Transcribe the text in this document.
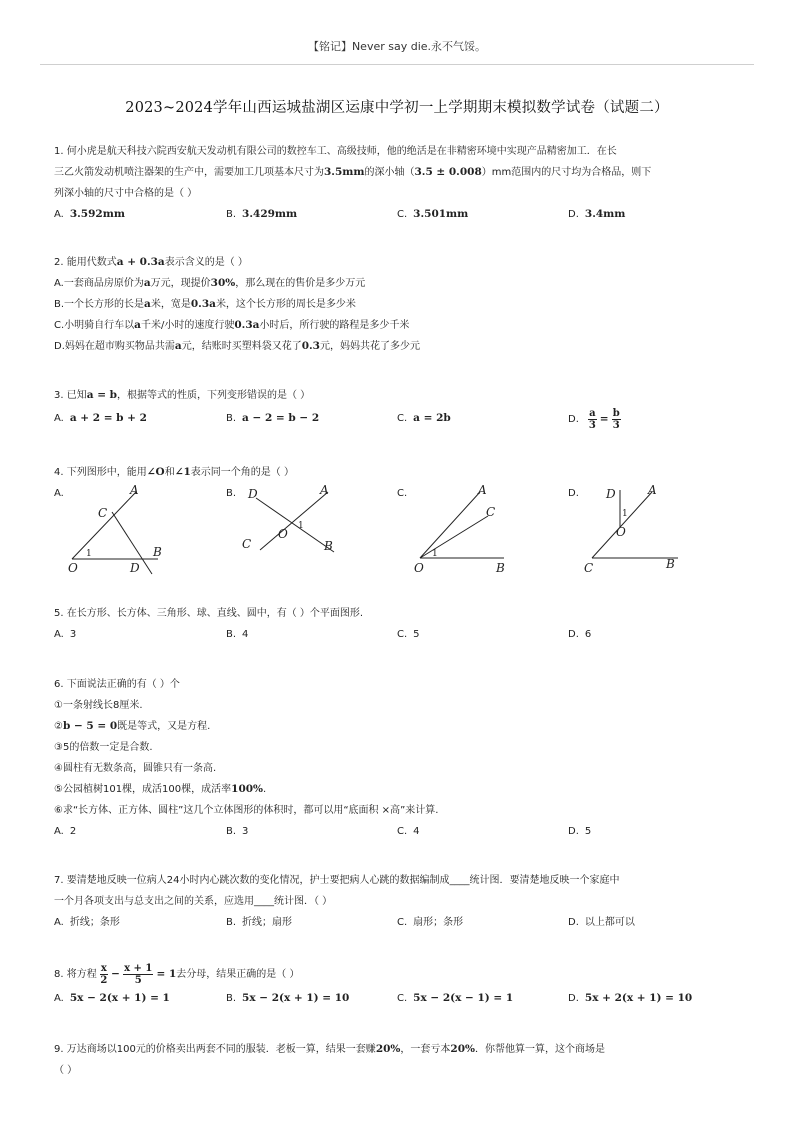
【铭记】Never say die.永不气馁。
2023~2024学年山西运城盐湖区运康中学初一上学期期末模拟数学试卷（试题二）
1. 何小虎是航天科技六院西安航天发动机有限公司的数控车工、高级技师，他的绝活是在非精密环境中实现产品精密加工．在长
三乙火箭发动机喷注器架的生产中，需要加工几项基本尺寸为3.5mm的深小轴（3.5 ± 0.008）mm范围内的尺寸均为合格品，则下
列深小轴的尺寸中合格的是（ ）
A. 3.592mm	B. 3.429mm	C. 3.501mm	D. 3.4mm
2. 能用代数式a + 0.3a表示含义的是（ ）
A.一套商品房原价为a万元，现提价30%，那么现在的售价是多少万元
B.一个长方形的长是a米，宽是0.3a米，这个长方形的周长是多少米
C.小明骑自行车以a千米/小时的速度行驶0.3a小时后，所行驶的路程是多少千米
D.妈妈在超市购买物品共需a元，结账时买塑料袋又花了0.3元，妈妈共花了多少元
3. 已知a = b，根据等式的性质，下列变形错误的是（ ）
A. a + 2 = b + 2	B. a − 2 = b − 2	C. a = 2b	D. $\frac{a}{3} = \frac{b}{3}$
4. 下列图形中，能用∠O和∠1表示同一个角的是（ ）
A.	B.	C.	D.
A
C
B
O	D
1
D	A
1
O
C	B
A
C
1
O	B
D	A
1
O
C	B
5. 在长方形、长方体、三角形、球、直线、圆中，有（ ）个平面图形.
A. 3	B. 4	C. 5	D. 6
6. 下面说法正确的有（ ）个
①一条射线长8厘米.
②b − 5 = 0既是等式，又是方程.
③5的倍数一定是合数.
④圆柱有无数条高，圆锥只有一条高.
⑤公园植树101棵，成活100棵，成活率100%.
⑥求“长方体、正方体、圆柱”这几个立体图形的体积时，都可以用“底面积 ×高”来计算.
A. 2	B. 3	C. 4	D. 5
7. 要清楚地反映一位病人24小时内心跳次数的变化情况，护士要把病人心跳的数据编制成____统计图．要清楚地反映一个家庭中
一个月各项支出与总支出之间的关系，应选用____统计图．（ ）
A. 折线；条形	B. 折线；扇形	C. 扇形；条形	D. 以上都可以
8. 将方程 $\frac{x}{2} - \frac{x + 1}{5} = 1$去分母，结果正确的是（ ）
A. 5x − 2(x + 1) = 1	B. 5x − 2(x + 1) = 10	C. 5x − 2(x − 1) = 1	D. 5x + 2(x + 1) = 10
9. 万达商场以100元的价格卖出两套不同的服装．老板一算，结果一套赚20%，一套亏本20%．你帮他算一算，这个商场是
（ ）
